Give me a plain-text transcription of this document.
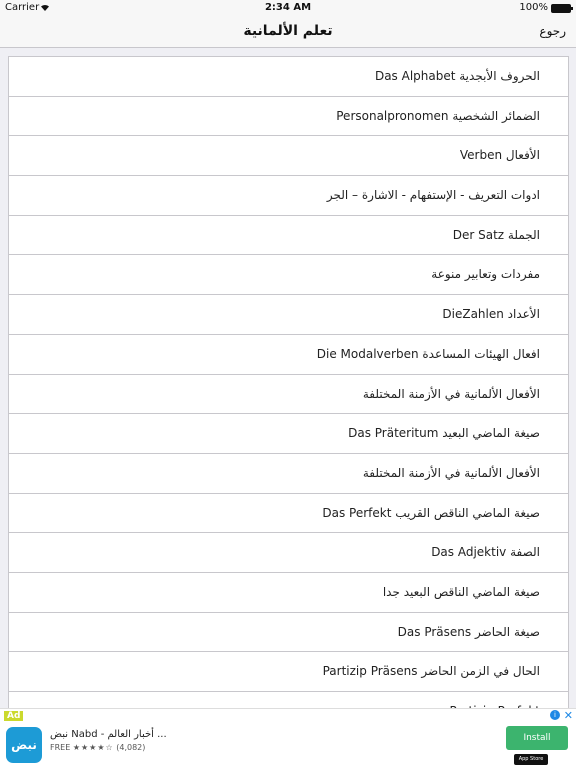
Carrier	2:34 AM	100%
تعلم الألمانية	رجوع
الحروف الأبجدية Das Alphabet
الضمائر الشخصية Personalpronomen
الأفعال Verben
ادوات التعريف - الإستفهام - الاشارة – الجر
الجملة Der Satz
مفردات وتعابير منوعة
الأعداد DieZahlen
افعال الهيئات المساعدة Die Modalverben
الأفعال الألمانية في الأزمنة المختلفة
صيغة الماضي البعيد Das Präteritum
الأفعال الألمانية في الأزمنة المختلفة
صيغة الماضي الناقص القريب Das Perfekt
الصفة Das Adjektiv
صيغة الماضي الناقص البعيد جدا
صيغة الحاضر Das Präsens
الحال في الزمن الحاضر Partizip Präsens
Ad
نبض
نبض Nabd - أخبار العالم ...
FREE ★★★★☆ (4,082)
i ✕
Install
App Store
